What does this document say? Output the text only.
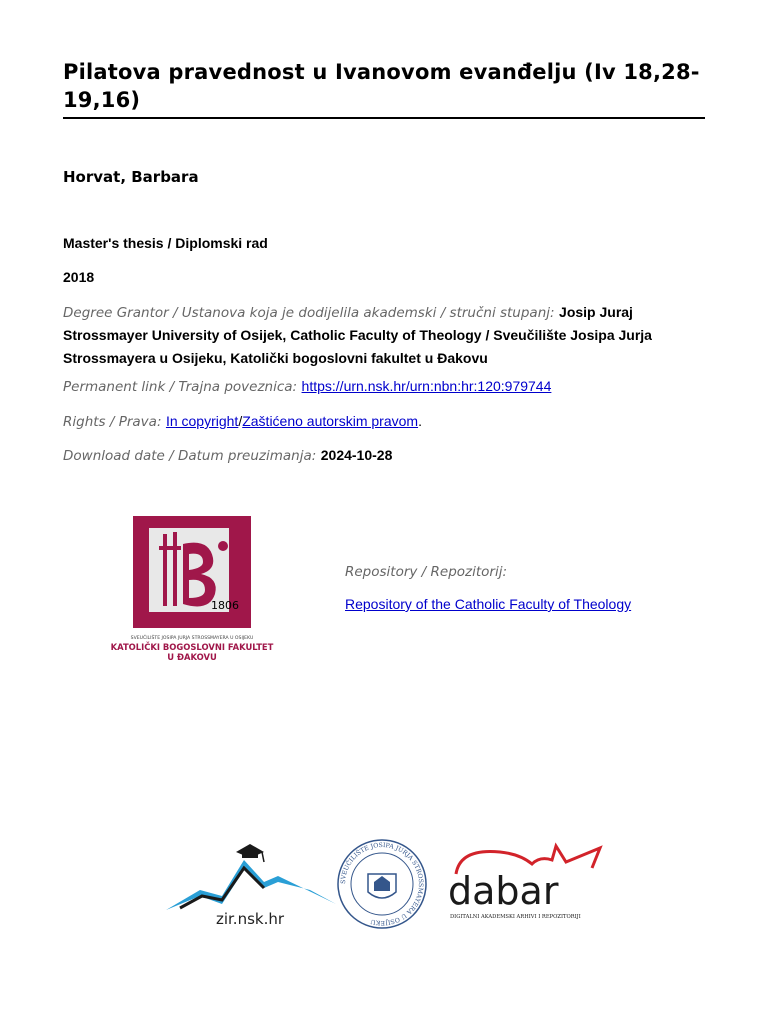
Pilatova pravednost u Ivanovom evanđelju (Iv 18,28-19,16)

Horvat, Barbara

Master's thesis / Diplomski rad
2018
Degree Grantor / Ustanova koja je dodijelila akademski / stručni stupanj: Josip Juraj Strossmayer University of Osijek, Catholic Faculty of Theology / Sveučilište Josipa Jurja Strossmayera u Osijeku, Katolički bogoslovni fakultet u Đakovu
Permanent link / Trajna poveznica: https://urn.nsk.hr/urn:nbn:hr:120:979744
Rights / Prava: In copyright/Zaštićeno autorskim pravom.
Download date / Datum preuzimanja: 2024-10-28
1806
SVEUČILIŠTE JOSIPA JURJA STROSSMAYERA U OSIJEKU
KATOLIČKI BOGOSLOVNI FAKULTET
U ĐAKOVU
Repository / Repozitorij:
Repository of the Catholic Faculty of Theology
zir.nsk.hr
SVEUČILIŠTE JOSIPA JURJA STROSSMAYERA U OSIJEKU
dabar
DIGITALNI AKADEMSKI ARHIVI I REPOZITORIJI
